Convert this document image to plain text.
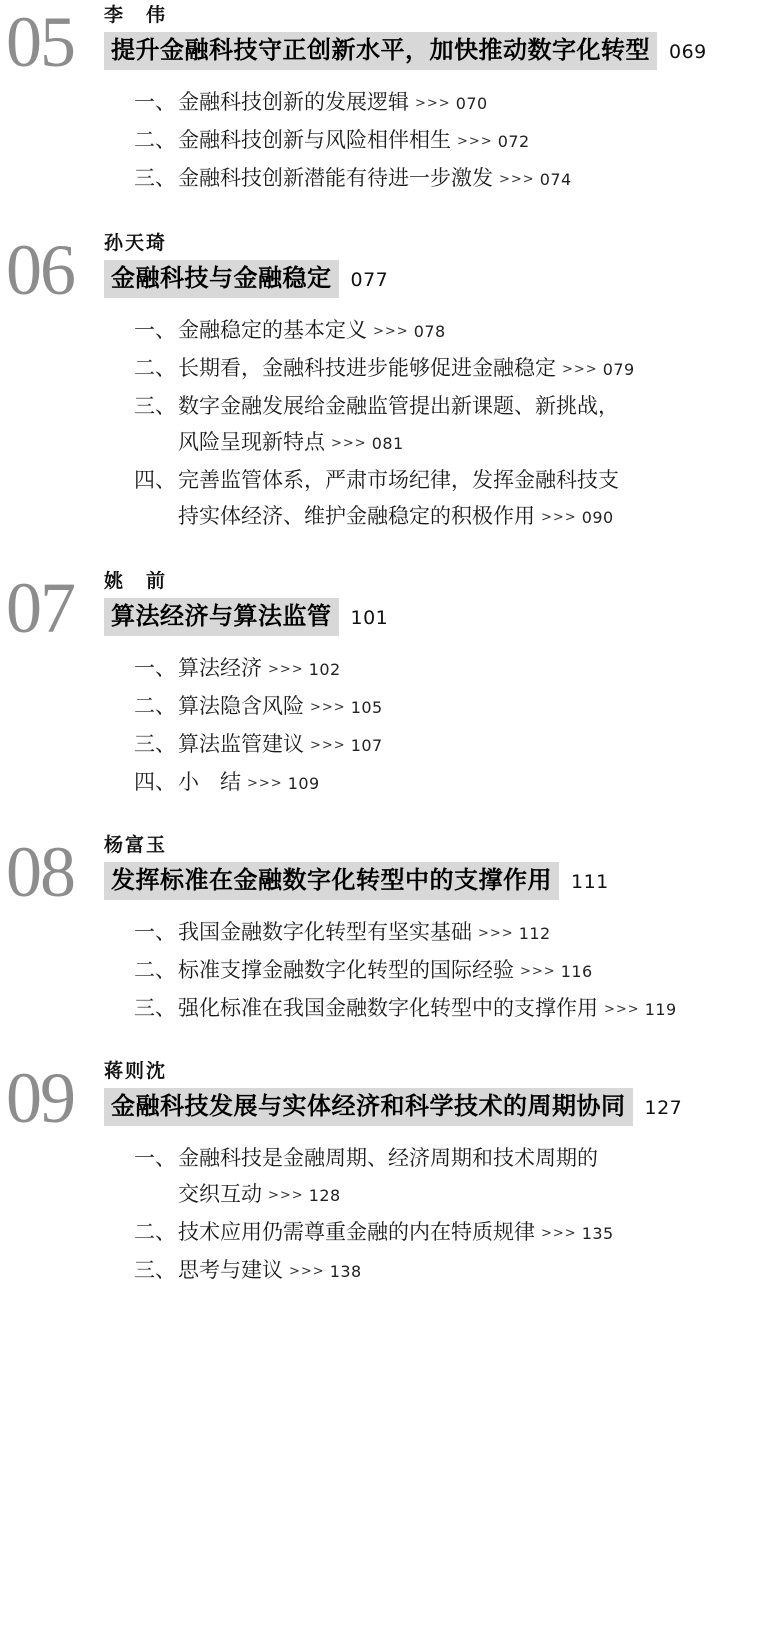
05 李　伟
提升金融科技守正创新水平，加快推动数字化转型	069
一、 金融科技创新的发展逻辑 >>> 070
二、 金融科技创新与风险相伴相生 >>> 072
三、 金融科技创新潜能有待进一步激发 >>> 074
06 孙天琦
金融科技与金融稳定	077
一、 金融稳定的基本定义 >>> 078
二、 长期看，金融科技进步能够促进金融稳定 >>> 079
三、 数字金融发展给金融监管提出新课题、新挑战，
风险呈现新特点 >>> 081
四、 完善监管体系，严肃市场纪律，发挥金融科技支
持实体经济、维护金融稳定的积极作用 >>> 090
07 姚　前
算法经济与算法监管	101
一、 算法经济 >>> 102
二、 算法隐含风险 >>> 105
三、 算法监管建议 >>> 107
四、 小　结 >>> 109
08 杨富玉
发挥标准在金融数字化转型中的支撑作用	111
一、 我国金融数字化转型有坚实基础 >>> 112
二、 标准支撑金融数字化转型的国际经验 >>> 116
三、 强化标准在我国金融数字化转型中的支撑作用 >>> 119
09 蒋则沈
金融科技发展与实体经济和科学技术的周期协同	127
一、 金融科技是金融周期、经济周期和技术周期的
交织互动 >>> 128
二、 技术应用仍需尊重金融的内在特质规律 >>> 135
三、 思考与建议 >>> 138
